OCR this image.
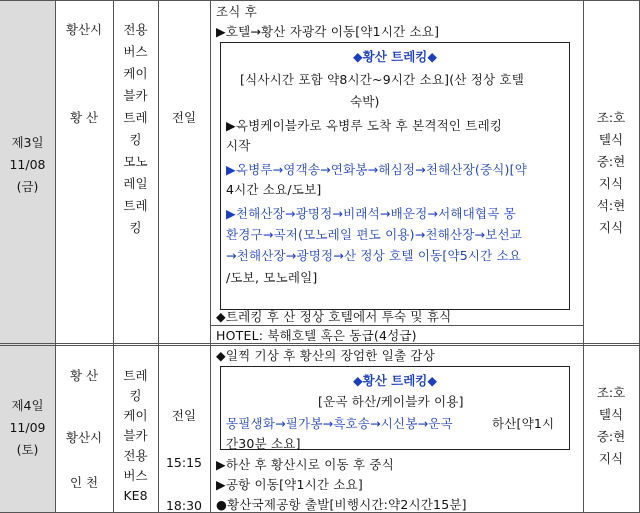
제3일
11/08
(금)
황산시
황 산
전용
버스
케이
블카
트레
킹
모노
레일
트레
킹
전일
조식 후
▶호텔→황산 자광각 이동[약1시간 소요]
◆황산 트레킹◆
[식사시간 포함 약8시간~9시간 소요](산 정상 호텔
숙박)
▶옥병케이블카로 옥병루 도착 후 본격적인 트레킹
시작
▶옥병루→영객송→연화봉→해심정→천해산장(중식)[약
4시간 소요/도보]
▶천해산장→광명정→비래석→배운정→서해대협곡 몽
환경구→곡저(모노레일 편도 이용)→천해산장→보선교
→천해산장→광명정→산 정상 호텔 이동[약5시간 소요
/도보, 모노레일]
◆트레킹 후 산 정상 호텔에서 투숙 및 휴식
HOTEL: 북해호텔 혹은 동급(4성급)
조:호
텔식
중:현
지식
석:현
지식
제4일
11/09
(토)
황 산
황산시
인 천
트레
킹
케이
블카
전용
버스
KE8
전일
15:15
18:30
◆일찍 기상 후 황산의 장엄한 일출 감상
◆황산 트레킹◆
[운곡 하산/케이블카 이용]
몽필생화→필가봉→흑호송→시신봉→운곡	하산[약1시
간30분 소요]
▶하산 후 황산시로 이동 후 중식
▶공항 이동[약1시간 소요]
●황산국제공항 출발[비행시간:약2시간15분]
조:호
텔식
중:현
지식
